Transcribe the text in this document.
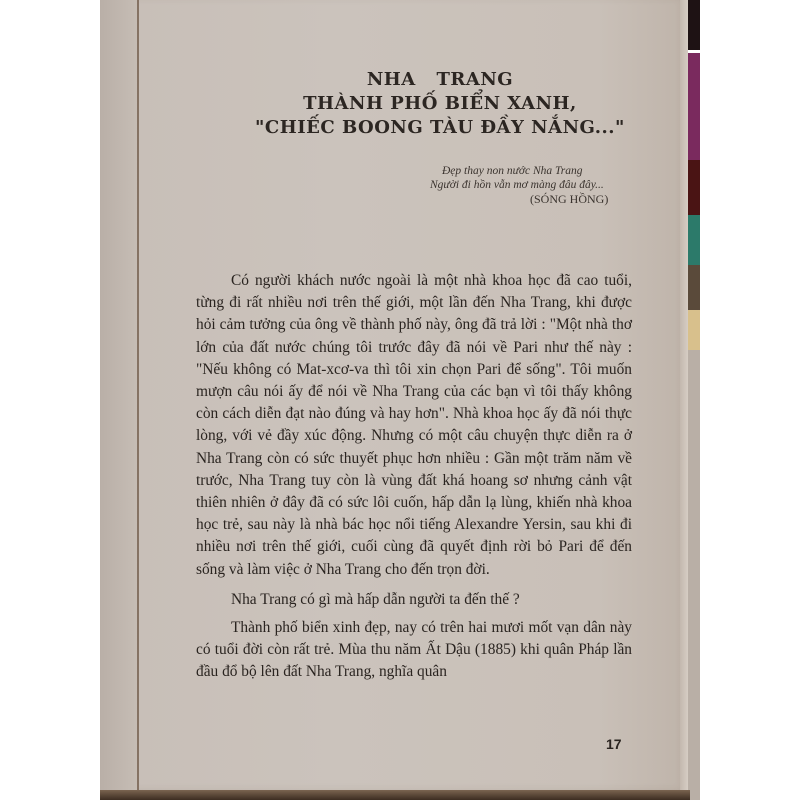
NHA TRANG
THÀNH PHỐ BIỂN XANH,
"CHIẾC BOONG TÀU ĐẦY NẮNG..."
Đẹp thay non nước Nha Trang
Người đi hồn vẫn mơ màng đâu đây...
(SÓNG HỒNG)

Có người khách nước ngoài là một nhà khoa học đã cao tuổi, từng đi rất nhiều nơi trên thế giới, một lần đến Nha Trang, khi được hỏi cảm tưởng của ông về thành phố này, ông đã trả lời : "Một nhà thơ lớn của đất nước chúng tôi trước đây đã nói về Pari như thế này : "Nếu không có Mat-xcơ-va thì tôi xin chọn Pari để sống". Tôi muốn mượn câu nói ấy để nói về Nha Trang của các bạn vì tôi thấy không còn cách diễn đạt nào đúng và hay hơn". Nhà khoa học ấy đã nói thực lòng, với vẻ đầy xúc động. Nhưng có một câu chuyện thực diễn ra ở Nha Trang còn có sức thuyết phục hơn nhiều : Gần một trăm năm về trước, Nha Trang tuy còn là vùng đất khá hoang sơ nhưng cảnh vật thiên nhiên ở đây đã có sức lôi cuốn, hấp dẫn lạ lùng, khiến nhà khoa học trẻ, sau này là nhà bác học nổi tiếng Alexandre Yersin, sau khi đi nhiều nơi trên thế giới, cuối cùng đã quyết định rời bỏ Pari để đến sống và làm việc ở Nha Trang cho đến trọn đời.

Nha Trang có gì mà hấp dẫn người ta đến thế ?

Thành phố biển xinh đẹp, nay có trên hai mươi mốt vạn dân này có tuổi đời còn rất trẻ. Mùa thu năm Ất Dậu (1885) khi quân Pháp lần đầu đổ bộ lên đất Nha Trang, nghĩa quân

17
